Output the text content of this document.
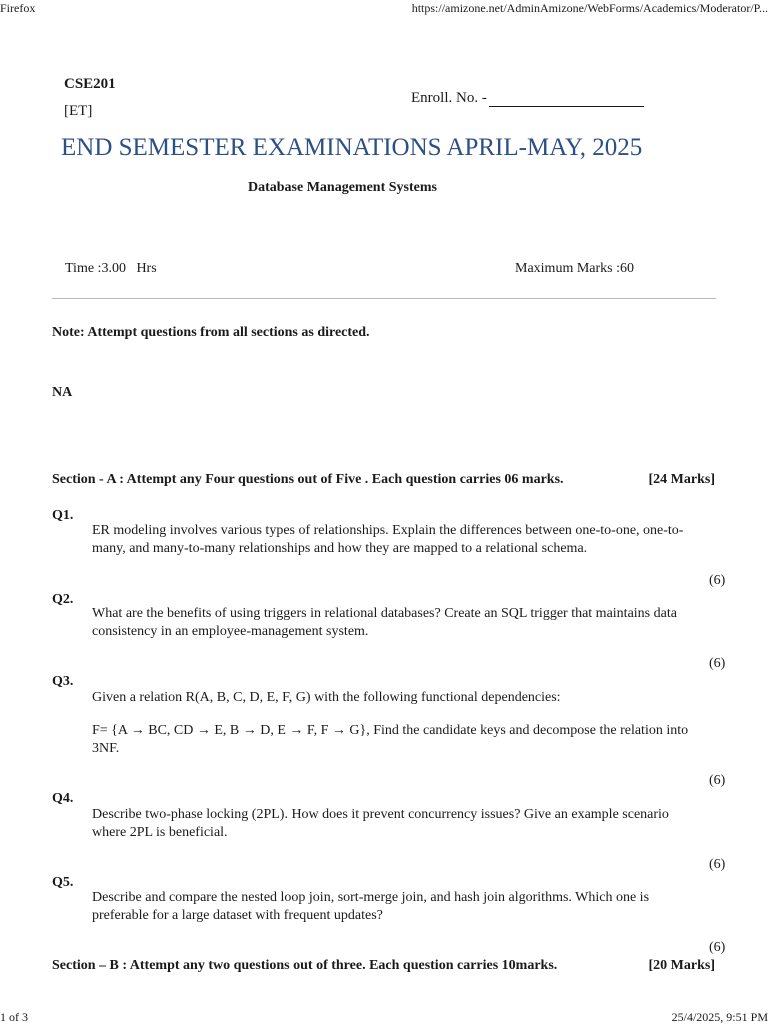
Firefox	https://amizone.net/AdminAmizone/WebForms/Academics/Moderator/P...
CSE201
[ET]
Enroll. No. -
END SEMESTER EXAMINATIONS APRIL-MAY, 2025
Database Management Systems
Time :3.00   Hrs	Maximum Marks :60
Note: Attempt questions from all sections as directed.
NA
Section - A : Attempt any Four questions out of Five . Each question carries 06 marks.	[24 Marks]
Q1.

ER modeling involves various types of relationships. Explain the differences between one-to-one, one-to-many, and many-to-many relationships and how they are mapped to a relational schema.

(6)
Q2.

What are the benefits of using triggers in relational databases? Create an SQL trigger that maintains data consistency in an employee-management system.

(6)
Q3.

Given a relation R(A, B, C, D, E, F, G) with the following functional dependencies:

F= {A → BC, CD → E, B → D, E → F, F → G}, Find the candidate keys and decompose the relation into 3NF.

(6)
Q4.

Describe two-phase locking (2PL). How does it prevent concurrency issues? Give an example scenario where 2PL is beneficial.

(6)
Q5.

Describe and compare the nested loop join, sort-merge join, and hash join algorithms. Which one is preferable for a large dataset with frequent updates?

(6)
Section – B : Attempt any two questions out of three. Each question carries 10marks.	[20 Marks]
1 of 3	25/4/2025, 9:51 PM
